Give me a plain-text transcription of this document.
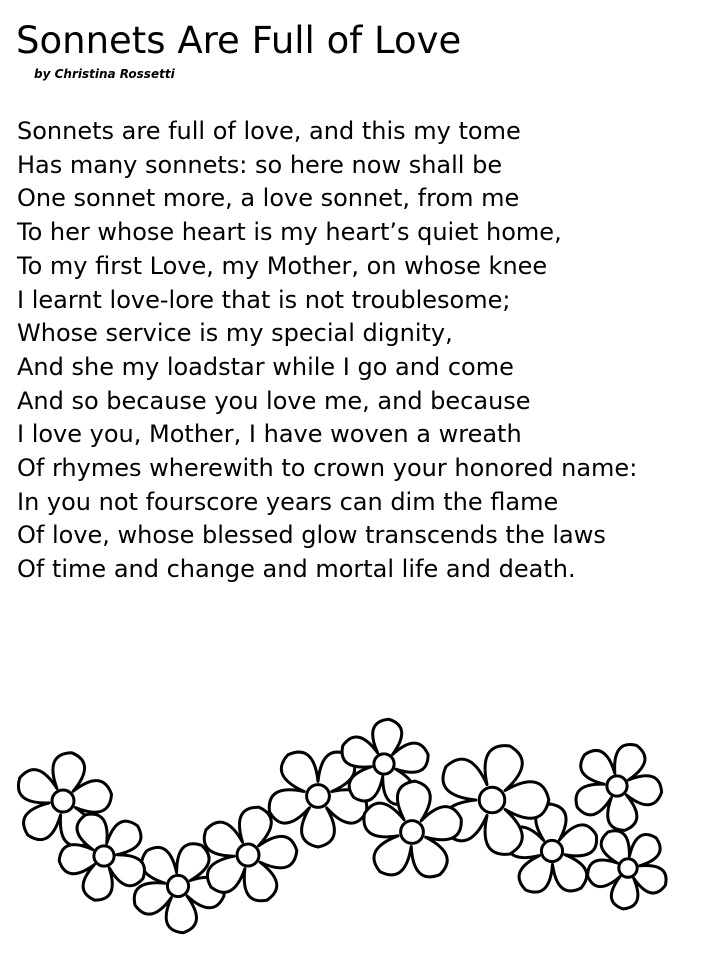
Sonnets Are Full of Love
by Christina Rossetti
Sonnets are full of love, and this my tome
Has many sonnets: so here now shall be
One sonnet more, a love sonnet, from me
To her whose heart is my heart’s quiet home,
To my first Love, my Mother, on whose knee
I learnt love-lore that is not troublesome;
Whose service is my special dignity,
And she my loadstar while I go and come
And so because you love me, and because
I love you, Mother, I have woven a wreath
Of rhymes wherewith to crown your honored name:
In you not fourscore years can dim the flame
Of love, whose blessed glow transcends the laws
Of time and change and mortal life and death.
